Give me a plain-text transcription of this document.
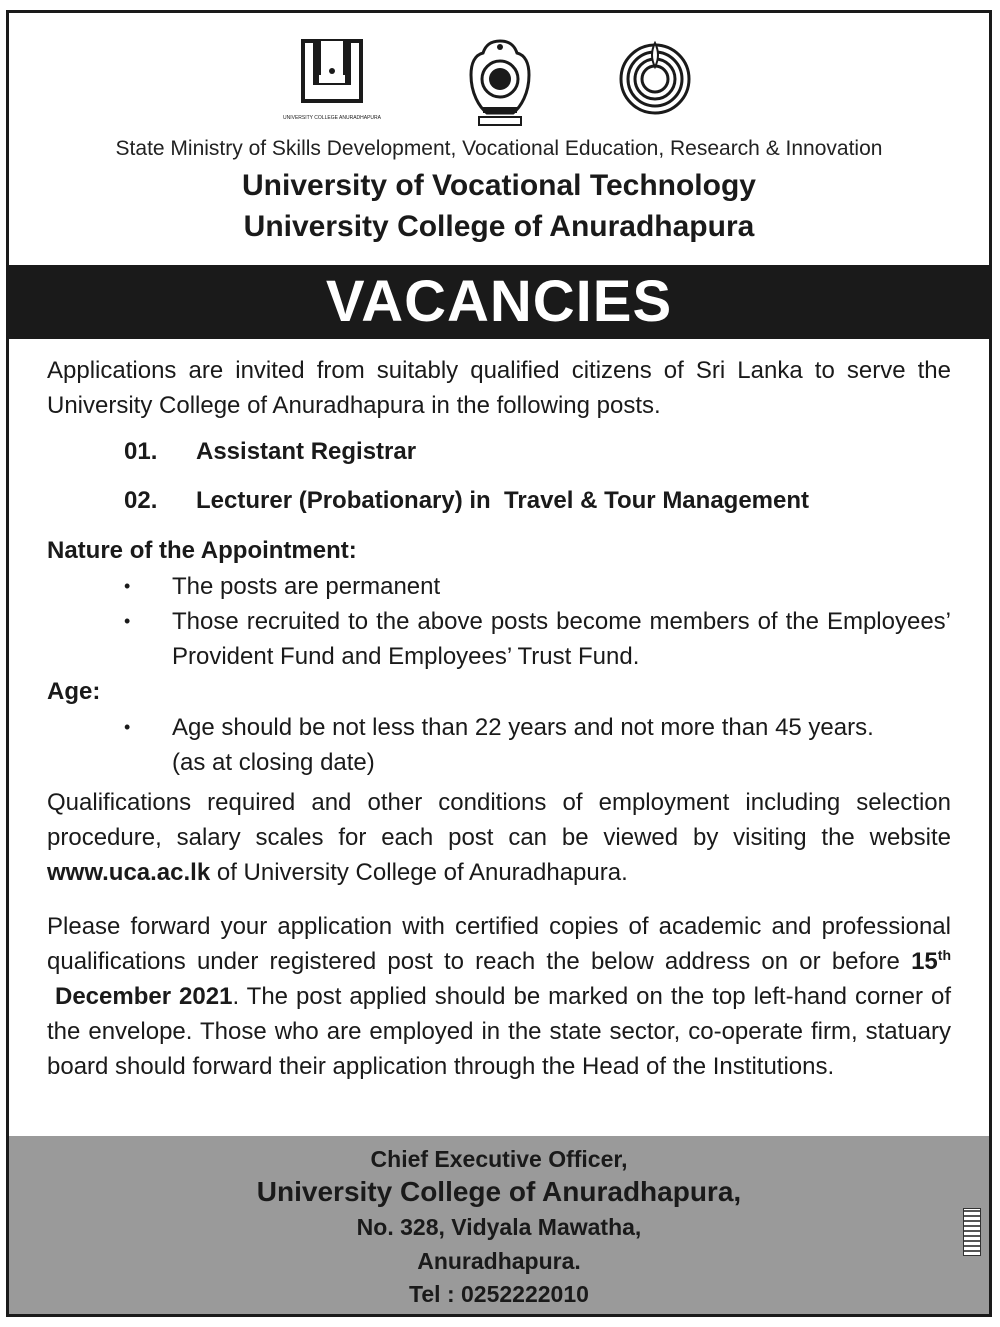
UNIVERSITY COLLEGE ANURADHAPURA
State Ministry of Skills Development, Vocational Education, Research & Innovation
University of Vocational Technology
University College of Anuradhapura
VACANCIES
Applications are invited from suitably qualified citizens of Sri Lanka to serve the University College of Anuradhapura in the following posts.
01. Assistant Registrar
02. Lecturer (Probationary) in  Travel & Tour Management
Nature of the Appointment:
• The posts are permanent
• Those recruited to the above posts become members of the Employees’ Provident Fund and Employees’ Trust Fund.
Age:
• Age should be not less than 22 years and not more than 45 years.
(as at closing date)
Qualifications required and other conditions of employment including selection procedure, salary scales for each post can be viewed by visiting the website www.uca.ac.lk of University College of Anuradhapura.
Please forward your application with certified copies of academic and professional qualifications under registered post to reach the below address on or before 15th December 2021. The post applied should be marked on the top left-hand corner of the envelope. Those who are employed in the state sector, co-operate firm, statuary board should forward their application through the Head of the Institutions.
Chief Executive Officer,
University College of Anuradhapura,
No. 328, Vidyala Mawatha,
Anuradhapura.
Tel : 0252222010
